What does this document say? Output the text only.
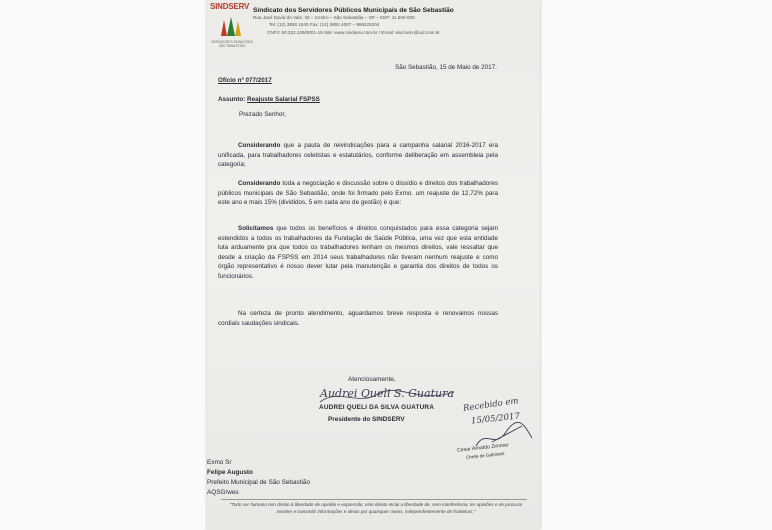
SINDSERV
SERVIDORES MUNICIPAIS SÃO SEBASTIÃO
Sindicato dos Servidores Públicos Municipais de São Sebastião
Rua José David do Vale, 33 – Centro – São Sebastião – SP – CEP: 11.600-000
Tel: (12) 3892.1545 Fax: (12) 3892.4007 – 998425204
CNPJ: 50.322.139/0001-19 Site: www.sindserv.com.br / Email: sind.serv@uol.com.br
São Sebastião, 15 de Maio de 2017.
Ofício nº 077/2017
Assunto: Reajuste Salarial FSPSS
Prezado Senhor,
Considerando que a pauta de reivindicações para a campanha salarial 2016-2017 era unificada, para trabalhadores celetistas e estatutários, conforme deliberação em assembleia pela categoria;
Considerando toda a negociação e discussão sobre o dissídio e direitos dos trabalhadores públicos municipais de São Sebastião, onde foi firmado pelo Exmo. um reajuste de 12,72% para este ano e mais 15% (divididos, 5 em cada ano de gestão) é que:
Solicitamos que todos os benefícios e direitos conquistados para essa categoria sejam estendidos a todos os trabalhadores da Fundação de Saúde Pública, uma vez que esta entidade luta arduamente pra que todos os trabalhadores tenham os mesmos direitos, vale ressaltar que desde a criação da FSPSS em 2014 seus trabalhadores não tiveram nenhum reajuste e como órgão representativo é nosso dever lutar pela manutenção e garantia dos direitos de todos os funcionários.
Na certeza de pronto atendimento, aguardamos breve resposta e renovamos nossas cordiais saudações sindicais.
Atenciosamente,
Audrei Queli S. Guatura
AUDREI QUELI DA SILVA GUATURA
Presidente do SINDSERV
Recebido em
15/05/2017
Cesar Arnaldo Zimmer
Chefe de Gabinete
Exmo Sr
Felipe Augusto
Prefeito Municipal de São Sebastião
AQSG/wes
"Todo ser humano tem direito à liberdade de opinião e expressão; este direito inclui a liberdade de, sem interferência, ter opiniões e de procurar receber e transmitir informações e ideias por quaisquer meios, independentemente de fronteiras."
